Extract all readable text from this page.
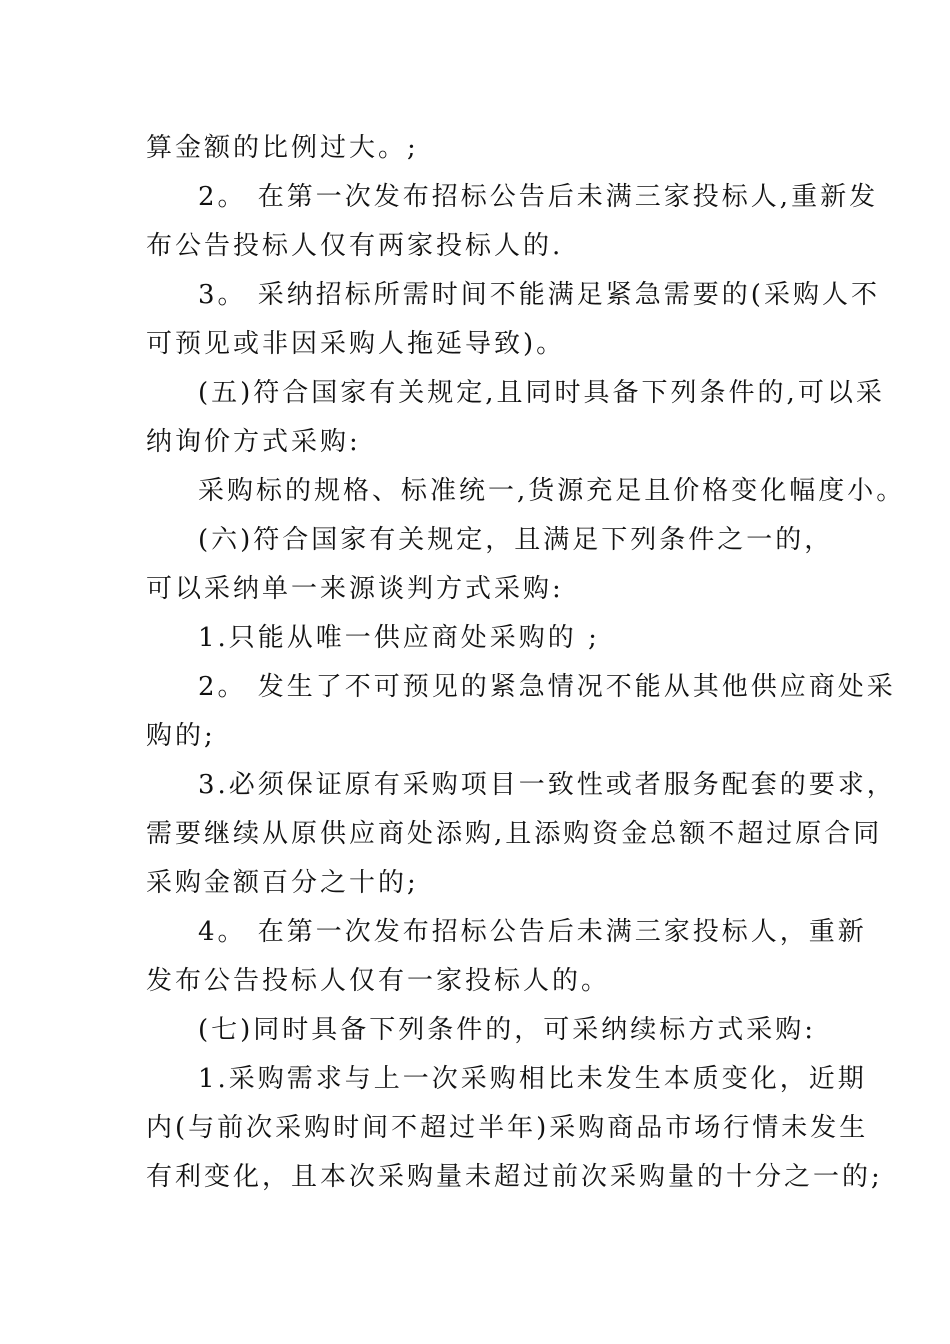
算金额的比例过大。;
2。 在第一次发布招标公告后未满三家投标人,重新发
布公告投标人仅有两家投标人的.
3。 采纳招标所需时间不能满足紧急需要的(采购人不
可预见或非因采购人拖延导致)。
(五)符合国家有关规定,且同时具备下列条件的,可以采
纳询价方式采购:
采购标的规格、标准统一,货源充足且价格变化幅度小。
(六)符合国家有关规定，且满足下列条件之一的，
可以采纳单一来源谈判方式采购:
1.只能从唯一供应商处采购的 ;
2。 发生了不可预见的紧急情况不能从其他供应商处采
购的;
3.必须保证原有采购项目一致性或者服务配套的要求，
需要继续从原供应商处添购,且添购资金总额不超过原合同
采购金额百分之十的;
4。 在第一次发布招标公告后未满三家投标人，重新
发布公告投标人仅有一家投标人的。
(七)同时具备下列条件的，可采纳续标方式采购:
1.采购需求与上一次采购相比未发生本质变化，近期
内(与前次采购时间不超过半年)采购商品市场行情未发生
有利变化，且本次采购量未超过前次采购量的十分之一的;
